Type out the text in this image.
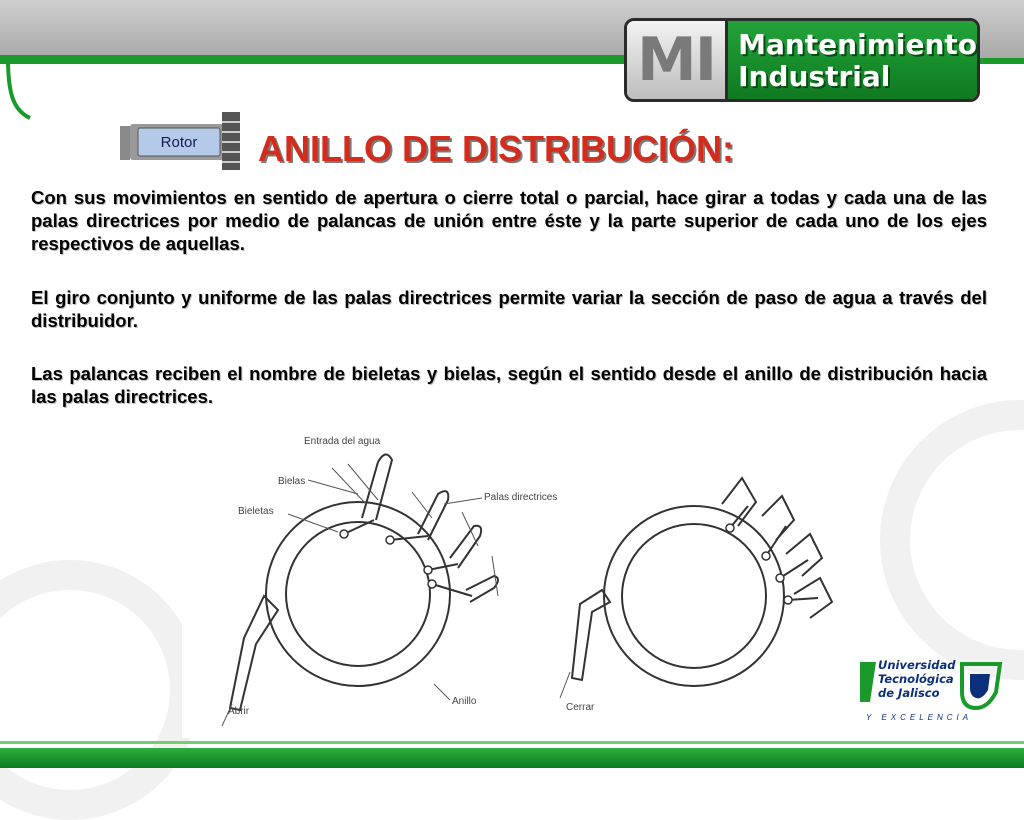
MI Mantenimiento
Industrial
Rotor ANILLO DE DISTRIBUCIÓN:
Con sus movimientos en sentido de apertura o cierre total o parcial, hace girar a todas y cada una de las palas directrices por medio de palancas de unión entre éste y la parte superior de cada uno de los ejes respectivos de aquellas.
El giro conjunto y uniforme de las palas directrices permite variar la sección de paso de agua a través del distribuidor.
Las palancas reciben el nombre de bieletas y bielas, según el sentido desde el anillo de distribución hacia las palas directrices.
Entrada del agua
Bielas
Bieletas
Palas directrices
Anillo
Abrir	Cerrar
Universidad
Tecnológica
de Jalisco
Y EXCELENCIA
